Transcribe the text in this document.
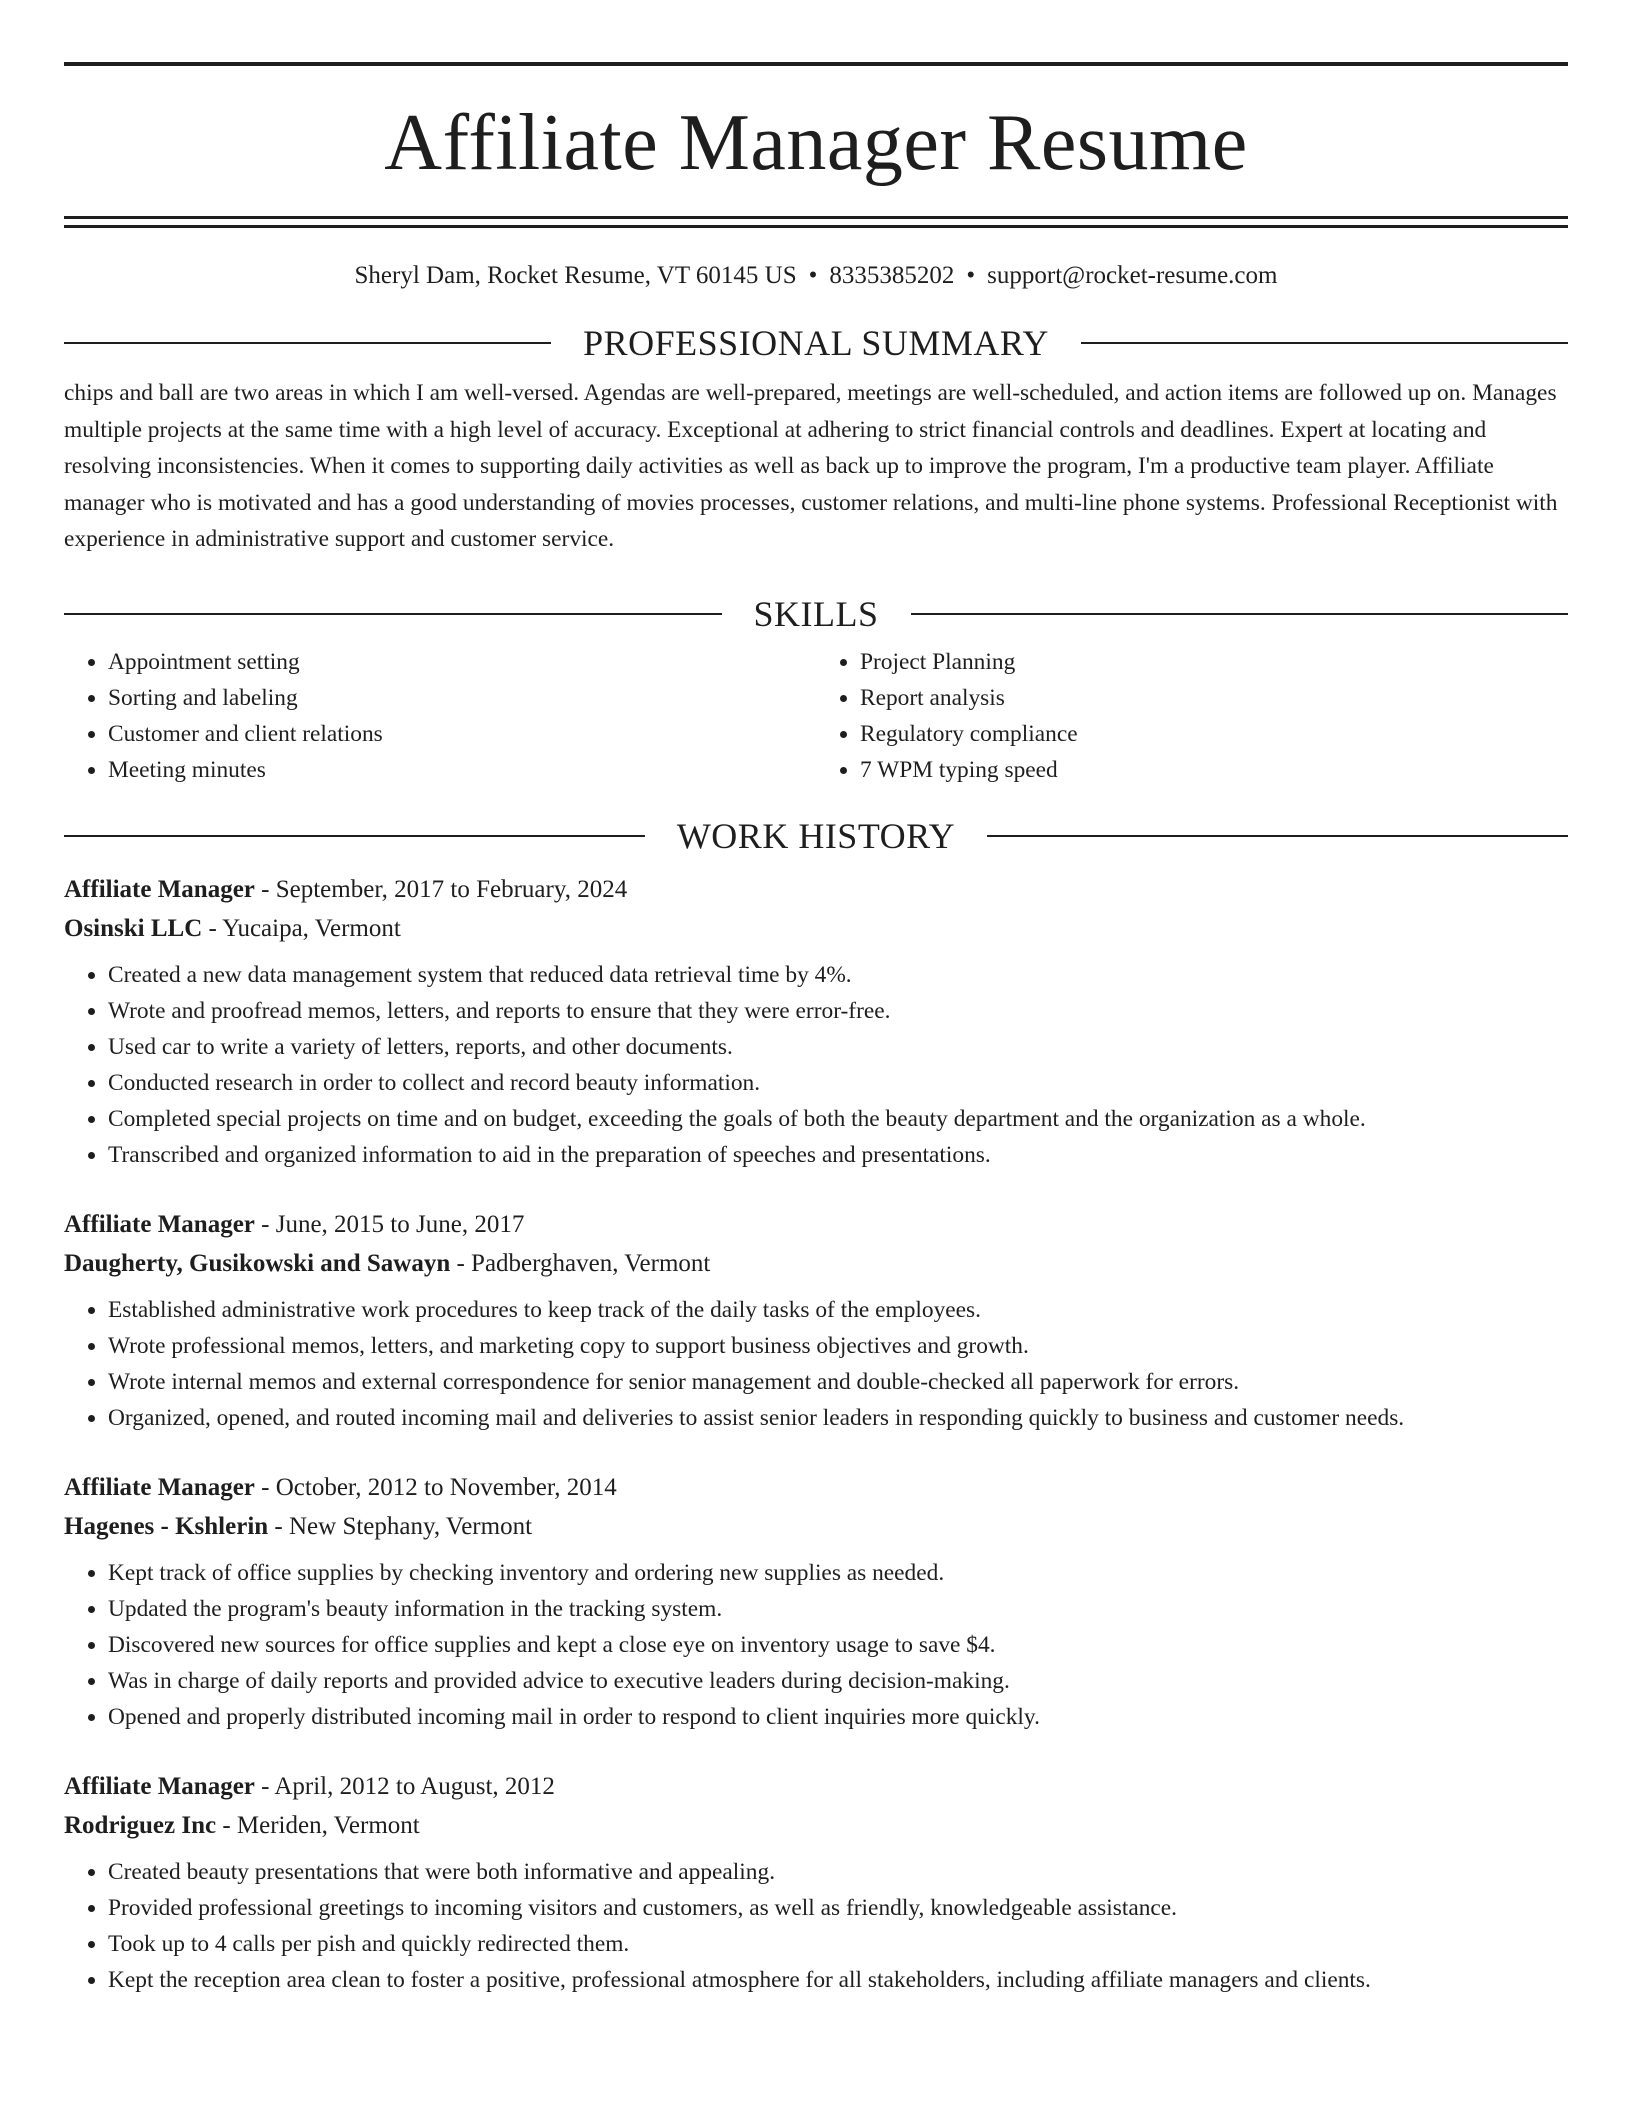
Affiliate Manager Resume
Sheryl Dam, Rocket Resume, VT 60145 US • 8335385202 • support@rocket-resume.com
PROFESSIONAL SUMMARY

chips and ball are two areas in which I am well-versed. Agendas are well-prepared, meetings are well-scheduled, and action items are followed up on. Manages multiple projects at the same time with a high level of accuracy. Exceptional at adhering to strict financial controls and deadlines. Expert at locating and resolving inconsistencies. When it comes to supporting daily activities as well as back up to improve the program, I'm a productive team player. Affiliate manager who is motivated and has a good understanding of movies processes, customer relations, and multi-line phone systems. Professional Receptionist with experience in administrative support and customer service.

SKILLS
• Appointment setting
• Sorting and labeling
• Customer and client relations
• Meeting minutes
• Project Planning
• Report analysis
• Regulatory compliance
• 7 WPM typing speed
WORK HISTORY
Affiliate Manager - September, 2017 to February, 2024
Osinski LLC - Yucaipa, Vermont
• Created a new data management system that reduced data retrieval time by 4%.
• Wrote and proofread memos, letters, and reports to ensure that they were error-free.
• Used car to write a variety of letters, reports, and other documents.
• Conducted research in order to collect and record beauty information.
• Completed special projects on time and on budget, exceeding the goals of both the beauty department and the organization as a whole.
• Transcribed and organized information to aid in the preparation of speeches and presentations.
Affiliate Manager - June, 2015 to June, 2017
Daugherty, Gusikowski and Sawayn - Padberghaven, Vermont
• Established administrative work procedures to keep track of the daily tasks of the employees.
• Wrote professional memos, letters, and marketing copy to support business objectives and growth.
• Wrote internal memos and external correspondence for senior management and double-checked all paperwork for errors.
• Organized, opened, and routed incoming mail and deliveries to assist senior leaders in responding quickly to business and customer needs.
Affiliate Manager - October, 2012 to November, 2014
Hagenes - Kshlerin - New Stephany, Vermont
• Kept track of office supplies by checking inventory and ordering new supplies as needed.
• Updated the program's beauty information in the tracking system.
• Discovered new sources for office supplies and kept a close eye on inventory usage to save $4.
• Was in charge of daily reports and provided advice to executive leaders during decision-making.
• Opened and properly distributed incoming mail in order to respond to client inquiries more quickly.
Affiliate Manager - April, 2012 to August, 2012
Rodriguez Inc - Meriden, Vermont
• Created beauty presentations that were both informative and appealing.
• Provided professional greetings to incoming visitors and customers, as well as friendly, knowledgeable assistance.
• Took up to 4 calls per pish and quickly redirected them.
• Kept the reception area clean to foster a positive, professional atmosphere for all stakeholders, including affiliate managers and clients.
